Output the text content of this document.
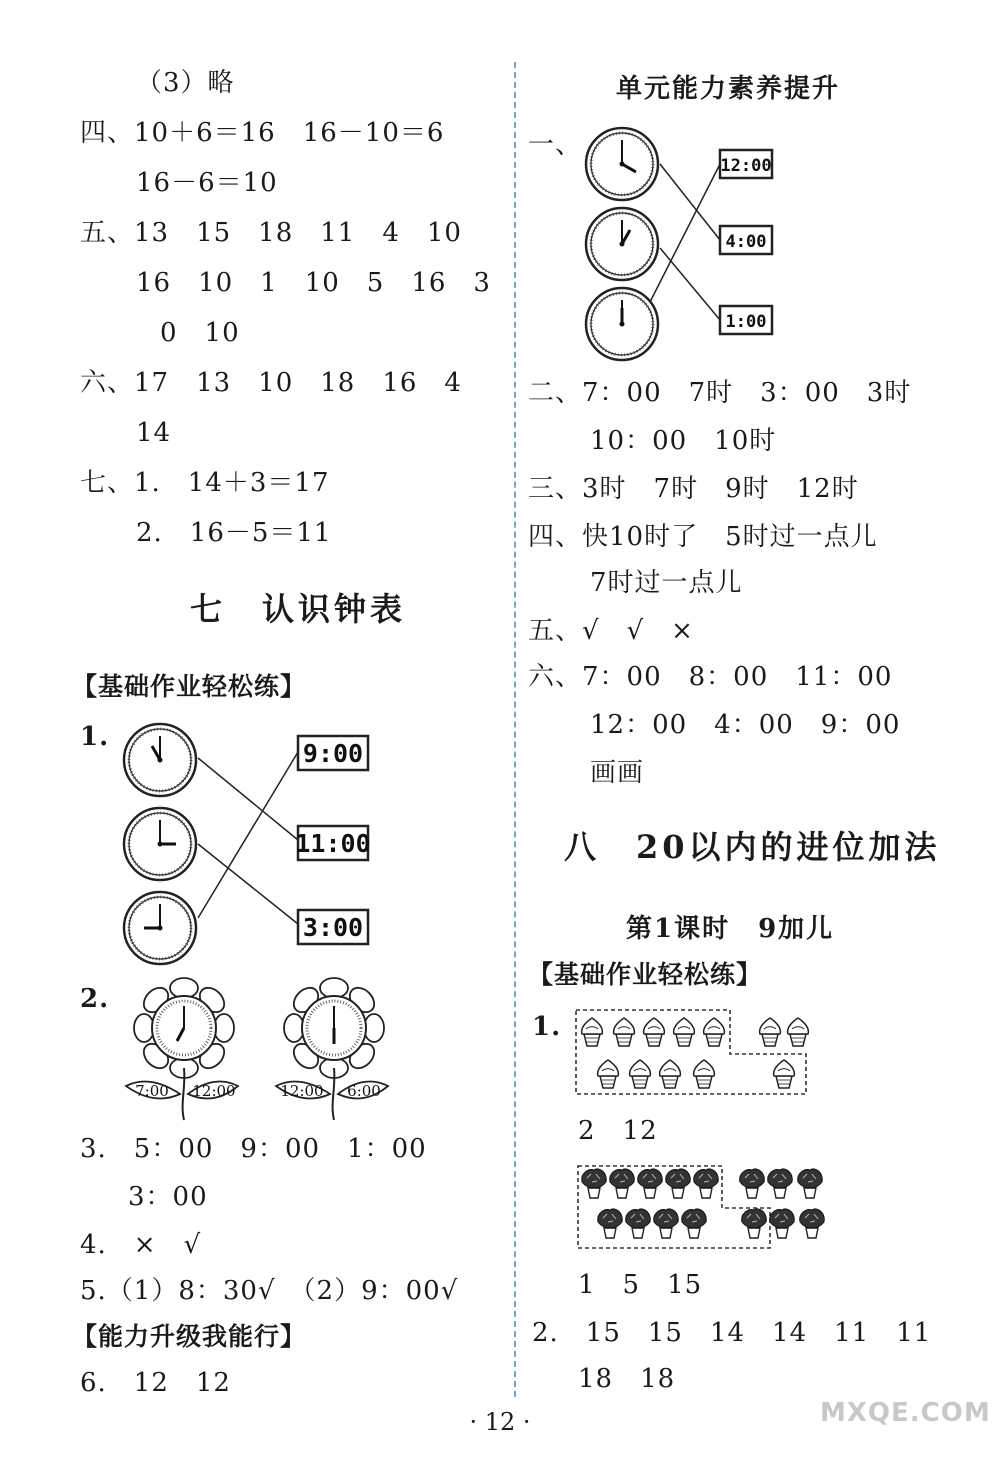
（3）略
四、10＋6＝16　16－10＝6
16－6＝10
五、13　15　18　11　4　10
16　10　1　10　5　16　3
0　10
六、17　13　10　18　16　4
14
七、1.　14＋3＝17
2.　16－5＝11
七　认识钟表
【基础作业轻松练】
1.
9:00
11:00
3:00
2.
7:00 12:00	12:00 6:00
3.　5：00　9：00　1：00
3：00
4.　×　√
5.（1）8：30√　（2）9：00√
【能力升级我能行】
6.　12　12
单元能力素养提升
一、
12:00
4:00
1:00
二、7：00　7时　3：00　3时
10：00　10时
三、3时　7时　9时　12时
四、快10时了　5时过一点儿
7时过一点儿
五、√　√　×
六、7：00　8：00　11：00
12：00　4：00　9：00
画画
八　20以内的进位加法
第1课时　9加儿
【基础作业轻松练】
1.
2　12
1　5　15
2.　15　15　14　14　11　11
18　18
· 12 ·	MXQE.COM
